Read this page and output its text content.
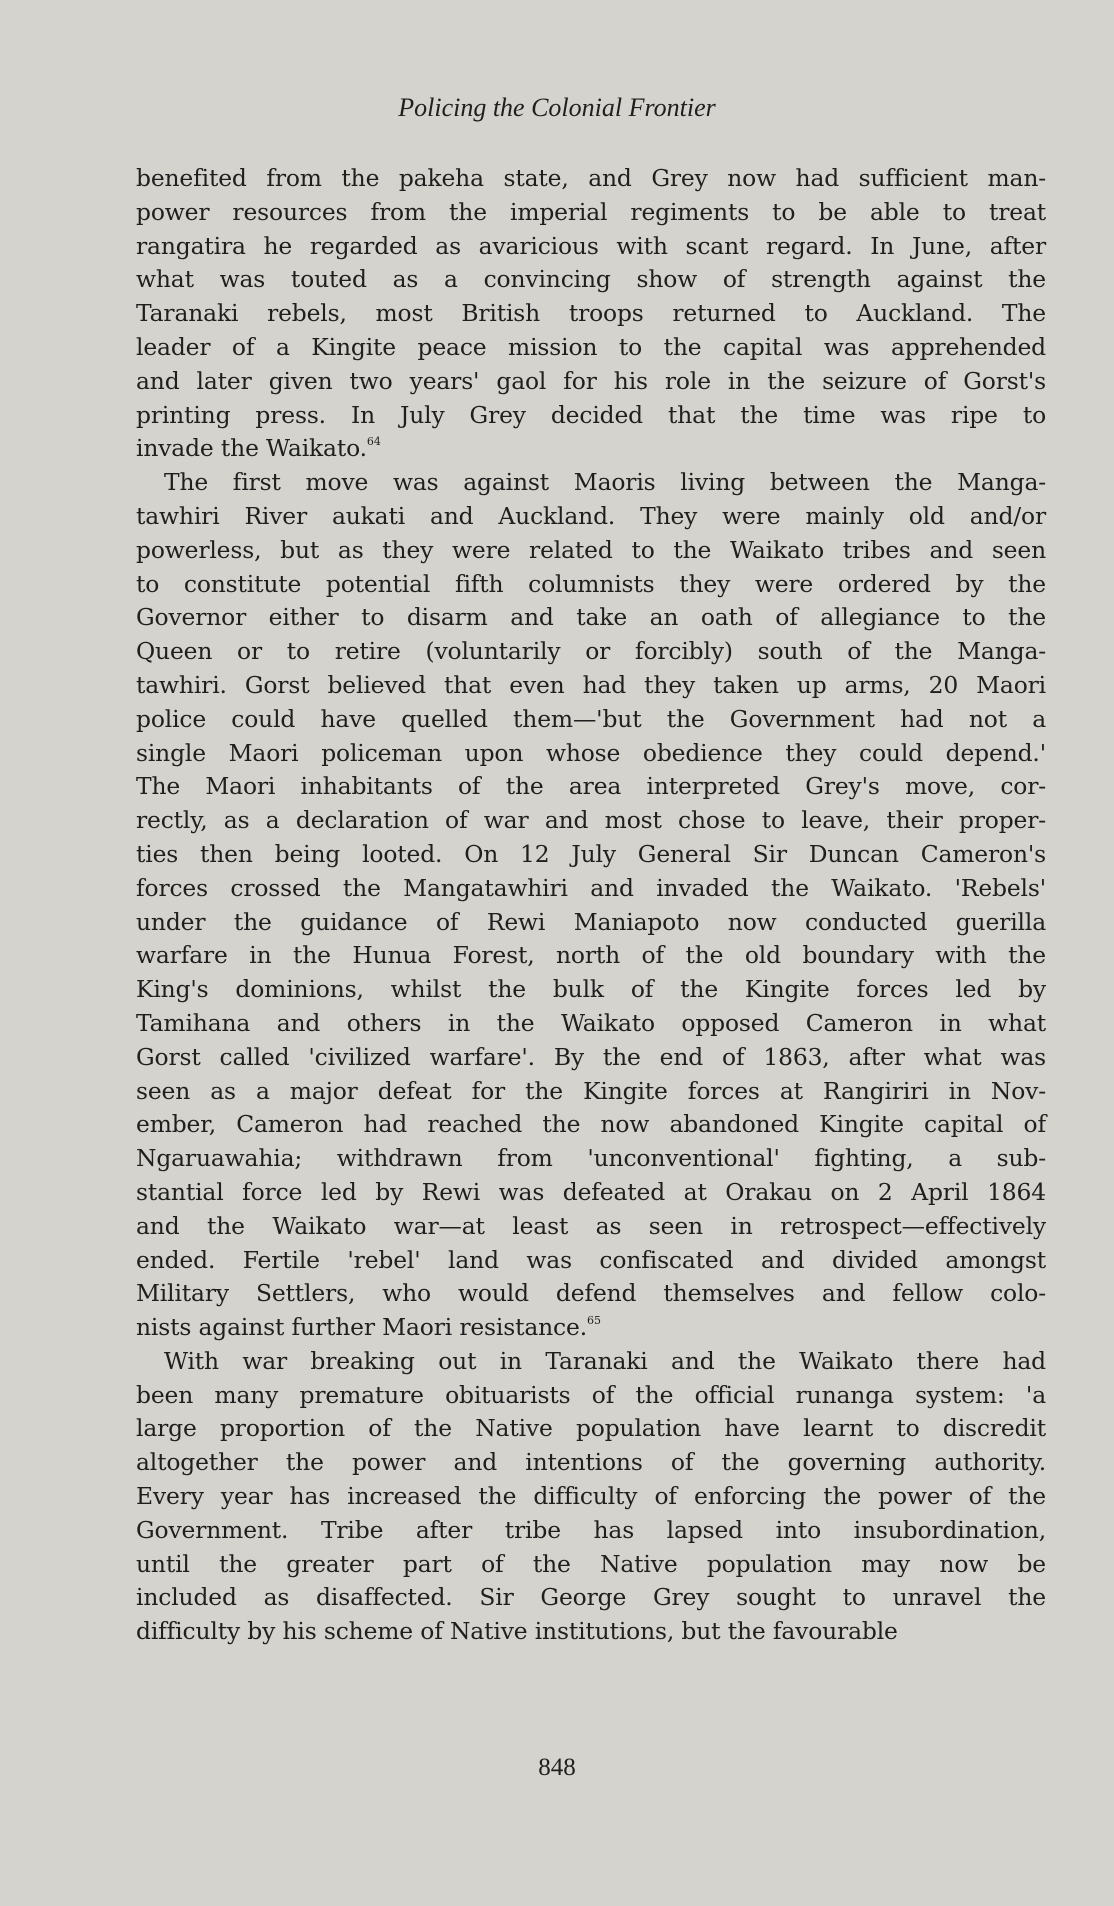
Policing the Colonial Frontier
benefited from the pakeha state, and Grey now had sufficient man-
power resources from the imperial regiments to be able to treat
rangatira he regarded as avaricious with scant regard. In June, after
what was touted as a convincing show of strength against the
Taranaki rebels, most British troops returned to Auckland. The
leader of a Kingite peace mission to the capital was apprehended
and later given two years' gaol for his role in the seizure of Gorst's
printing press. In July Grey decided that the time was ripe to
invade the Waikato.$^{64}$
The first move was against Maoris living between the Manga-
tawhiri River aukati and Auckland. They were mainly old and/or
powerless, but as they were related to the Waikato tribes and seen
to constitute potential fifth columnists they were ordered by the
Governor either to disarm and take an oath of allegiance to the
Queen or to retire (voluntarily or forcibly) south of the Manga-
tawhiri. Gorst believed that even had they taken up arms, 20 Maori
police could have quelled them—'but the Government had not a
single Maori policeman upon whose obedience they could depend.'
The Maori inhabitants of the area interpreted Grey's move, cor-
rectly, as a declaration of war and most chose to leave, their proper-
ties then being looted. On 12 July General Sir Duncan Cameron's
forces crossed the Mangatawhiri and invaded the Waikato. 'Rebels'
under the guidance of Rewi Maniapoto now conducted guerilla
warfare in the Hunua Forest, north of the old boundary with the
King's dominions, whilst the bulk of the Kingite forces led by
Tamihana and others in the Waikato opposed Cameron in what
Gorst called 'civilized warfare'. By the end of 1863, after what was
seen as a major defeat for the Kingite forces at Rangiriri in Nov-
ember, Cameron had reached the now abandoned Kingite capital of
Ngaruawahia; withdrawn from 'unconventional' fighting, a sub-
stantial force led by Rewi was defeated at Orakau on 2 April 1864
and the Waikato war—at least as seen in retrospect—effectively
ended. Fertile 'rebel' land was confiscated and divided amongst
Military Settlers, who would defend themselves and fellow colo-
nists against further Maori resistance.$^{65}$
With war breaking out in Taranaki and the Waikato there had
been many premature obituarists of the official runanga system: 'a
large proportion of the Native population have learnt to discredit
altogether the power and intentions of the governing authority.
Every year has increased the difficulty of enforcing the power of the
Government. Tribe after tribe has lapsed into insubordination,
until the greater part of the Native population may now be
included as disaffected. Sir George Grey sought to unravel the
difficulty by his scheme of Native institutions, but the favourable
848
